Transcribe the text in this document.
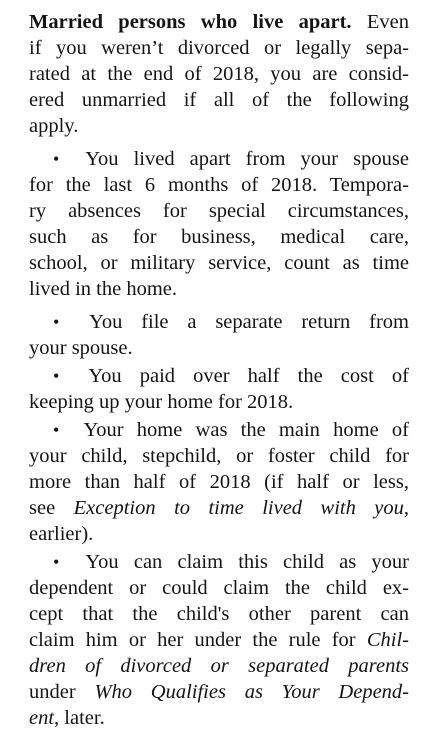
Married persons who live apart. Even
if you weren’t divorced or legally sepa-
rated at the end of 2018, you are consid-
ered unmarried if all of the following
apply.
• You lived apart from your spouse
for the last 6 months of 2018. Tempora-
ry absences for special circumstances,
such as for business, medical care,
school, or military service, count as time
lived in the home.
• You file a separate return from
your spouse.
• You paid over half the cost of
keeping up your home for 2018.
• Your home was the main home of
your child, stepchild, or foster child for
more than half of 2018 (if half or less,
see Exception to time lived with you,
earlier).
• You can claim this child as your
dependent or could claim the child ex-
cept that the child's other parent can
claim him or her under the rule for Chil-
dren of divorced or separated parents
under Who Qualifies as Your Depend-
ent, later.
